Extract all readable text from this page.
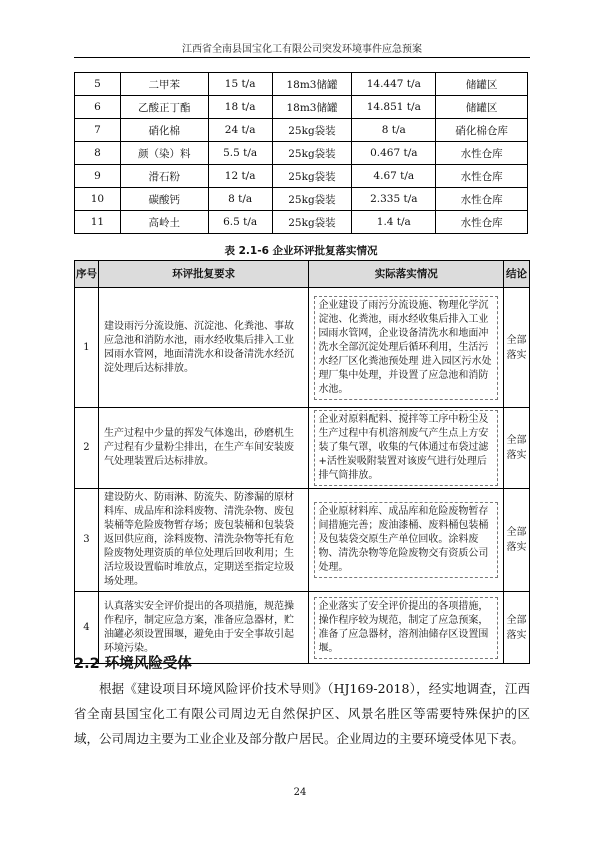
江西省全南县国宝化工有限公司突发环境事件应急预案
5	二甲苯	15 t/a	18m3储罐	14.447 t/a	储罐区
6	乙酸正丁酯	18 t/a	18m3储罐	14.851 t/a	储罐区
7	硝化棉	24 t/a	25kg袋装	8 t/a	硝化棉仓库
8	颜（染）料	5.5 t/a	25kg袋装	0.467 t/a	水性仓库
9	滑石粉	12 t/a	25kg袋装	4.67 t/a	水性仓库
10	碳酸钙	8 t/a	25kg袋装	2.335 t/a	水性仓库
11	高岭土	6.5 t/a	25kg袋装	1.4 t/a	水性仓库
表 2.1-6 企业环评批复落实情况
序号	环评批复要求	实际落实情况	结论
1	建设雨污分流设施、沉淀池、化粪池、事故应急池和消防水池，雨水经收集后排入工业园雨水管网，地面清洗水和设备清洗水经沉淀处理后达标排放。	企业建设了雨污分流设施、物理化学沉淀池、化粪池，雨水经收集后排入工业园雨水管网，企业设备清洗水和地面冲洗水全部沉淀处理后循环利用，生活污水经厂区化粪池预处理 进入园区污水处理厂集中处理，并设置了应急池和消防水池。	全部落实
2	生产过程中少量的挥发气体逸出，砂磨机生产过程有少量粉尘排出，在生产车间安装废气处理装置后达标排放。	企业对原料配料、搅拌等工序中粉尘及生产过程中有机溶剂废气产生点上方安装了集气罩，收集的气体通过布袋过滤+活性炭吸附装置对该废气进行处理后排气筒排放。	全部落实
3	建设防火、防雨淋、防流失、防渗漏的原材料库、成品库和涂料废物、清洗杂物、废包装桶等危险废物暂存场；废包装桶和包装袋返回供应商，涂料废物、清洗杂物等托有危险废物处理资质的单位处理后回收利用；生活垃圾设置临时堆放点，定期送至指定垃圾场处理。	企业原材料库、成品库和危险废物暂存间措施完善；废油漆桶、废料桶包装桶及包装袋交原生产单位回收。涂料废物、清洗杂物等危险废物交有资质公司处理。	全部落实
4	认真落实安全评价提出的各项措施，规范操作程序，制定应急方案，准备应急器材，贮油罐必须设置围堰，避免由于安全事故引起环境污染。	企业落实了安全评价提出的各项措施，操作程序较为规范，制定了应急预案，准备了应急器材，溶剂油储存区设置围堰。	全部落实
2.2 环境风险受体
根据《建设项目环境风险评价技术导则》（HJ169-2018），经实地调查，江西省全南县国宝化工有限公司周边无自然保护区、风景名胜区等需要特殊保护的区域，公司周边主要为工业企业及部分散户居民。企业周边的主要环境受体见下表。
24
